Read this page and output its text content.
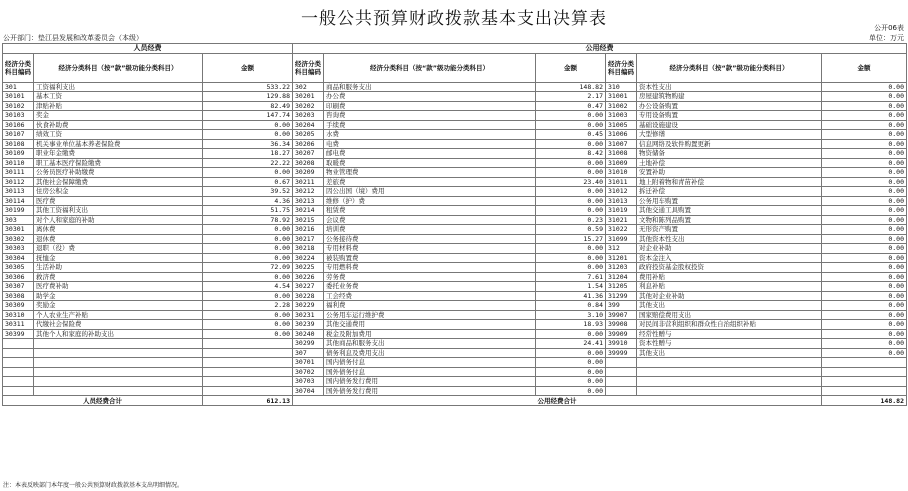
一般公共预算财政拨款基本支出决算表	公开06表
公开部门：垫江县发展和改革委员会（本级）	单位：万元
人员经费			公用经费					
经济分类科目编码	经济分类科目（按“款”级功能分类科目）	金额	经济分类科目编码	经济分类科目（按“款”级功能分类科目）	金额	经济分类科目编码	经济分类科目（按“款”级功能分类科目）	金额
301	工资福利支出	533.22	302	商品和服务支出	148.82	310	资本性支出	0.00
30101	基本工资	129.88	30201	办公费	2.17	31001	房屋建筑物购建	0.00
30102	津贴补贴	82.49	30202	印刷费	0.47	31002	办公设备购置	0.00
30103	奖金	147.74	30203	咨询费	0.00	31003	专用设备购置	0.00
30106	伙食补助费	0.00	30204	手续费	0.00	31005	基础设施建设	0.00
30107	绩效工资	0.00	30205	水费	0.45	31006	大型修缮	0.00
30108	机关事业单位基本养老保险费	36.34	30206	电费	0.00	31007	信息网络及软件购置更新	0.00
30109	职业年金缴费	18.27	30207	邮电费	8.42	31008	物资储备	0.00
30110	职工基本医疗保险缴费	22.22	30208	取暖费	0.00	31009	土地补偿	0.00
30111	公务员医疗补助缴费	0.00	30209	物业管理费	0.00	31010	安置补助	0.00
30112	其他社会保障缴费	0.67	30211	差旅费	23.40	31011	地上附着物和青苗补偿	0.00
30113	住房公积金	39.52	30212	因公出国（境）费用	0.00	31012	拆迁补偿	0.00
30114	医疗费	4.36	30213	维修（护）费	0.00	31013	公务用车购置	0.00
30199	其他工资福利支出	51.75	30214	租赁费	0.00	31019	其他交通工具购置	0.00
303	对个人和家庭的补助	78.92	30215	会议费	0.23	31021	文物和陈列品购置	0.00
30301	离休费	0.00	30216	培训费	0.59	31022	无形资产购置	0.00
30302	退休费	0.00	30217	公务接待费	15.27	31099	其他资本性支出	0.00
30303	退职（役）费	0.00	30218	专用材料费	0.00	312	对企业补助	0.00
30304	抚恤金	0.00	30224	被装购置费	0.00	31201	资本金注入	0.00
30305	生活补助	72.09	30225	专用燃料费	0.00	31203	政府投资基金股权投资	0.00
30306	救济费	0.00	30226	劳务费	7.61	31204	费用补贴	0.00
30307	医疗费补助	4.54	30227	委托业务费	1.54	31205	利息补贴	0.00
30308	助学金	0.00	30228	工会经费	41.36	31299	其他对企业补助	0.00
30309	奖励金	2.28	30229	福利费	0.84	399	其他支出	0.00
30310	个人农业生产补贴	0.00	30231	公务用车运行维护费	3.10	39907	国家赔偿费用支出	0.00
30311	代缴社会保险费	0.00	30239	其他交通费用	18.93	39908	对民间非营利组织和群众性自治组织补贴	0.00
30399	其他个人和家庭的补助支出	0.00	30240	税金及附加费用	0.00	39909	经常性赠与	0.00
			30299	其他商品和服务支出	24.41	39910	资本性赠与	0.00
			307	债务利息及费用支出	0.00	39999	其他支出	0.00
			30701	国内债务付息	0.00			
			30702	国外债务付息	0.00			
			30703	国内债务发行费用	0.00			
			30704	国外债务发行费用	0.00			
人员经费合计		612.13	公用经费合计					148.82
注：本表反映部门本年度一般公共预算财政拨款基本支出明细情况。
